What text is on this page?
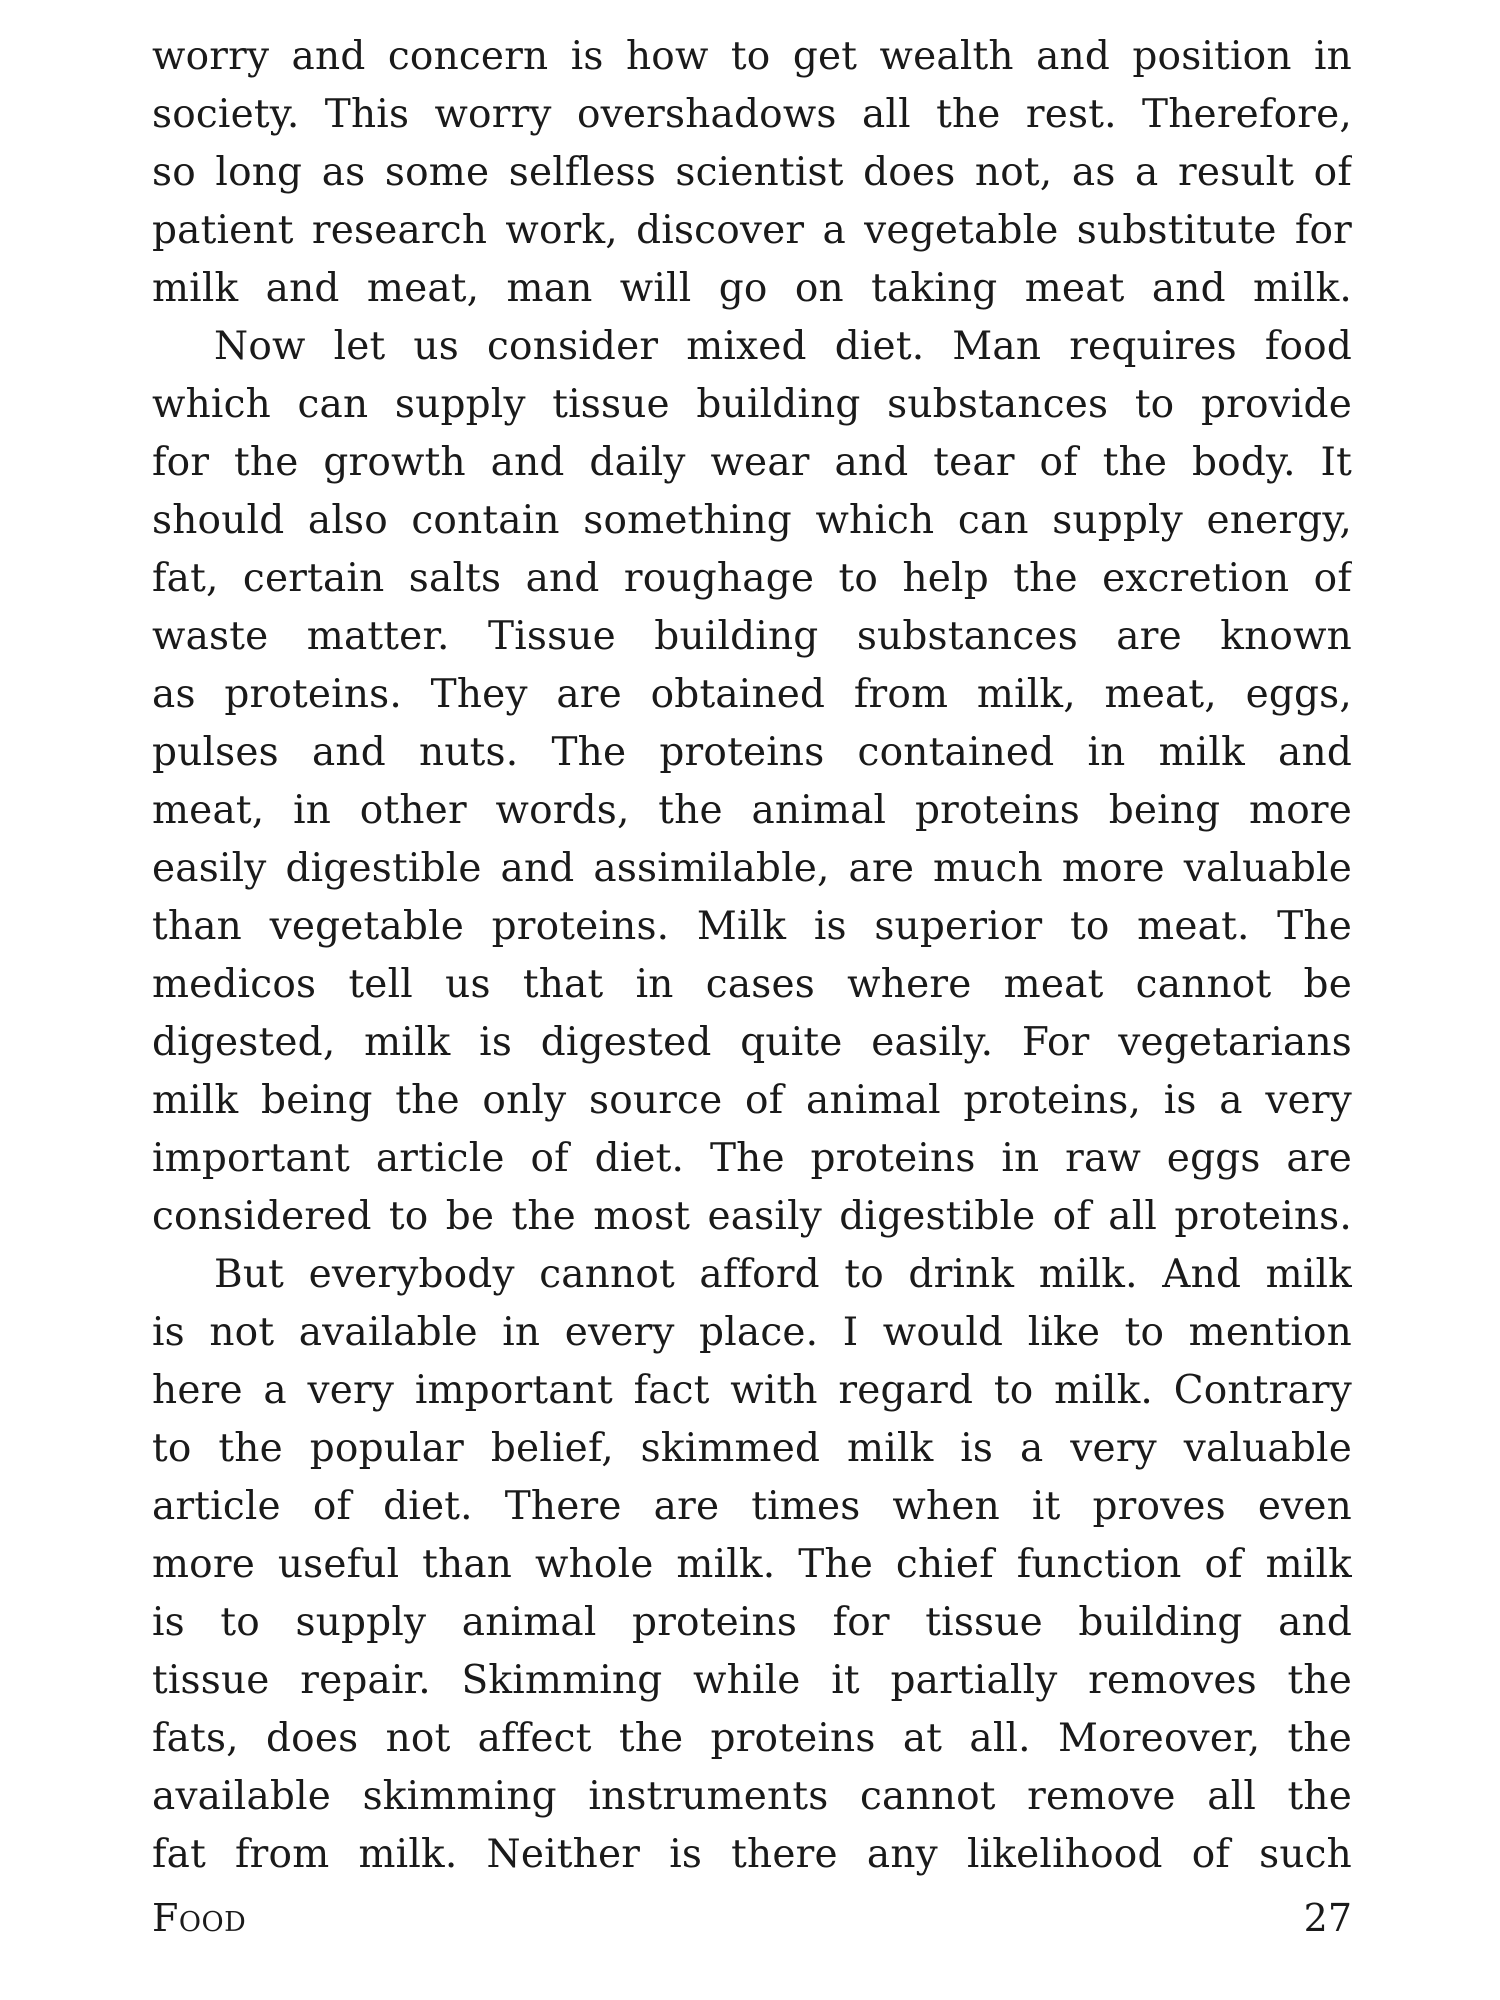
worry and concern is how to get wealth and position in
society. This worry overshadows all the rest. Therefore,
so long as some selfless scientist does not, as a result of
patient research work, discover a vegetable substitute for
milk and meat, man will go on taking meat and milk.
Now let us consider mixed diet. Man requires food
which can supply tissue building substances to provide
for the growth and daily wear and tear of the body. It
should also contain something which can supply energy,
fat, certain salts and roughage to help the excretion of
waste matter. Tissue building substances are known
as proteins. They are obtained from milk, meat, eggs,
pulses and nuts. The proteins contained in milk and
meat, in other words, the animal proteins being more
easily digestible and assimilable, are much more valuable
than vegetable proteins. Milk is superior to meat. The
medicos tell us that in cases where meat cannot be
digested, milk is digested quite easily. For vegetarians
milk being the only source of animal proteins, is a very
important article of diet. The proteins in raw eggs are
considered to be the most easily digestible of all proteins.
But everybody cannot afford to drink milk. And milk
is not available in every place. I would like to mention
here a very important fact with regard to milk. Contrary
to the popular belief, skimmed milk is a very valuable
article of diet. There are times when it proves even
more useful than whole milk. The chief function of milk
is to supply animal proteins for tissue building and
tissue repair. Skimming while it partially removes the
fats, does not affect the proteins at all. Moreover, the
available skimming instruments cannot remove all the
fat from milk. Neither is there any likelihood of such
Food	27
